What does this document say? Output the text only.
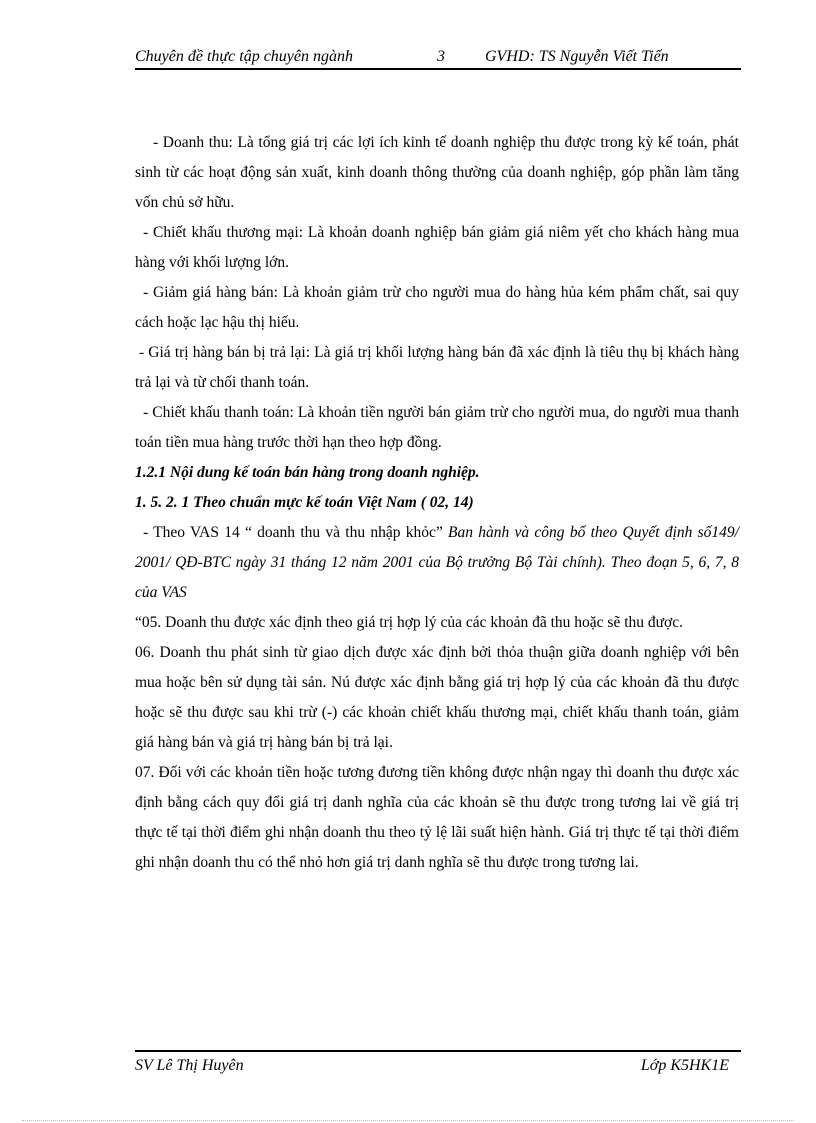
Chuyên đề thực tập chuyên ngành	3	GVHD: TS Nguyễn Viết Tiến

- Doanh thu: Là tổng giá trị các lợi ích kinh tế doanh nghiệp thu được trong kỳ kế toán, phát sinh từ các hoạt động sản xuất, kinh doanh thông thường của doanh nghiệp, góp phần làm tăng vốn chủ sở hữu.

- Chiết khấu thương mại: Là khoản doanh nghiệp bán giảm giá niêm yết cho khách hàng mua hàng với khối lượng lớn.

- Giảm giá hàng bán: Là khoản giảm trừ cho người mua do hàng hủa kém phẩm chất, sai quy cách hoặc lạc hậu thị hiếu.

- Giá trị hàng bán bị trả lại: Là giá trị khối lượng hàng bán đã xác định là tiêu thụ bị khách hàng trả lại và từ chối thanh toán.

- Chiết khấu thanh toán: Là khoản tiền người bán giảm trừ cho người mua, do người mua thanh toán tiền mua hàng trước thời hạn theo hợp đồng.

1.2.1 Nội dung kế toán bán hàng trong doanh nghiệp.

1. 5. 2. 1 Theo chuẩn mực kế toán Việt Nam ( 02, 14)

- Theo VAS 14 “ doanh thu và thu nhập khỏc” Ban hành và công bố theo Quyết định số149/ 2001/ QĐ-BTC ngày 31 tháng 12 năm 2001 của Bộ trưởng Bộ Tài chính). Theo đoạn 5, 6, 7, 8 của VAS

“05. Doanh thu được xác định theo giá trị hợp lý của các khoản đã thu hoặc sẽ thu được.

06. Doanh thu phát sinh từ giao dịch được xác định bởi thỏa thuận giữa doanh nghiệp với bên mua hoặc bên sử dụng tài sản. Nú được xác định bằng giá trị hợp lý của các khoản đã thu được hoặc sẽ thu được sau khi trừ (-) các khoản chiết khấu thương mại, chiết khấu thanh toán, giảm giá hàng bán và giá trị hàng bán bị trả lại.

07. Đối với các khoản tiền hoặc tương đương tiền không được nhận ngay thì doanh thu được xác định bằng cách quy đổi giá trị danh nghĩa của các khoản sẽ thu được trong tương lai về giá trị thực tế tại thời điểm ghi nhận doanh thu theo tỷ lệ lãi suất hiện hành. Giá trị thực tế tại thời điểm ghi nhận doanh thu có thể nhỏ hơn giá trị danh nghĩa sẽ thu được trong tương lai.

SV Lê Thị Huyên	Lớp K5HK1E
